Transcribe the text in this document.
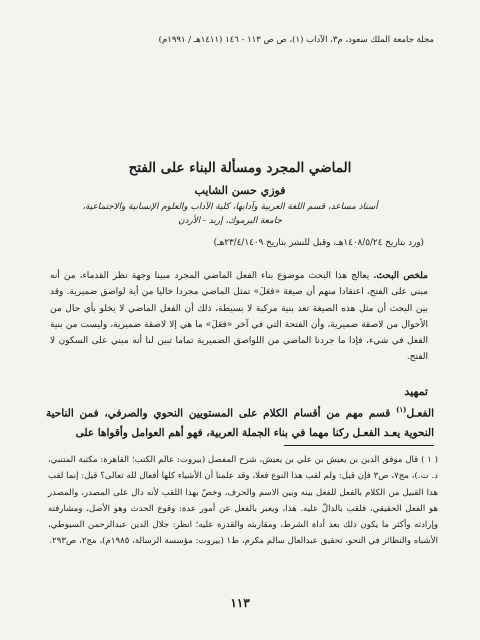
مجلة جامعة الملك سعود، م٣، الآداب (١)، ص ص ١١٣ - ١٤٦ (١٤١١هـ / ١٩٩١م)
الماضي المجرد ومسألة البناء على الفتح
فوزي حسن الشايب
أستاذ مساعد، قسم اللغة العربية وآدابها، كلية الآداب والعلوم الإنسانية والاجتماعية،
جامعة اليرموك، إربد - الأردن
(ورد بتاريخ ١٤٠٨/٥/٢٤هـ، وقبل للنشر بتاريخ ٢٣/٤/١٤٠٩هـ)
ملخص البحث. يعالج هذا البحث موضوع بناء الفعل الماضي المجرد مبينا وجهة نظر القدماء، من أنه مبني على الفتح، اعتقادا منهم أن صيغة «فعَلَ» تمثل الماضي مجردا خاليا من أية لواصق ضميرية. وقد بين البحث أن مثل هذه الصيغة تعد بنية مركبة لا بسيطة، ذلك أن الفعل الماضي لا يخلو بأي حال من الأحوال من لاصقة ضميرية، وأن الفتحة التي في آخر «فعَلَ» ما هي إلا لاصقة ضميرية، وليست من بنية الفعل في شيء، فإذا ما جردنا الماضي من اللواصق الضميرية تماما تبين لنا أنه مبني على السكون لا الفتح.
تمهيد
الفعـل$^{(١)}$ قسم مهم من أقسام الكلام على المستويين النحوي والصرفي، فمن الناحية النحوية يعـد الفعـل ركنا مهما في بناء الجملة العربية، فهو أهم العوامل وأقواها على
( ١ ) قال موفق الدين بن يعيش بن علي بن يعيش، شرح المفصل (بيروت: عالم الكتب؛ القاهرة: مكتبة المتنبي، د. ت.)، مج٧، ص٣ فإن قيل: ولم لقب هذا النوع فعلا، وقد علمنا أن الأشياء كلها أفعال لله تعالى؟ قيل: إنما لقب هذا القبيل من الكلام بالفعل للفعل بينه وبين الاسم والحرف، وخصّ بهذا اللقب لأنه دال على المصدر، والمصدر هو الفعل الحقيقي، فلقب بالدالّ عليه. هذا، ويعبر بالفعل عن أمور عدة: وقوع الحدث وهو الأصل، ومشارفته وإرادته وأكثر ما يكون ذلك بعد أداة الشرط، ومقاربته والقدرة عليه؛ انظر: جلال الدين عبدالرحمن السيوطي، الأشباه والنظائر في النحو، تحقيق عبدالعال سالم مكرم، ط١ (بيروت: مؤسسة الرسالة، ١٩٨٥م)، مج٢، ص٢٩٣.
١١٣
